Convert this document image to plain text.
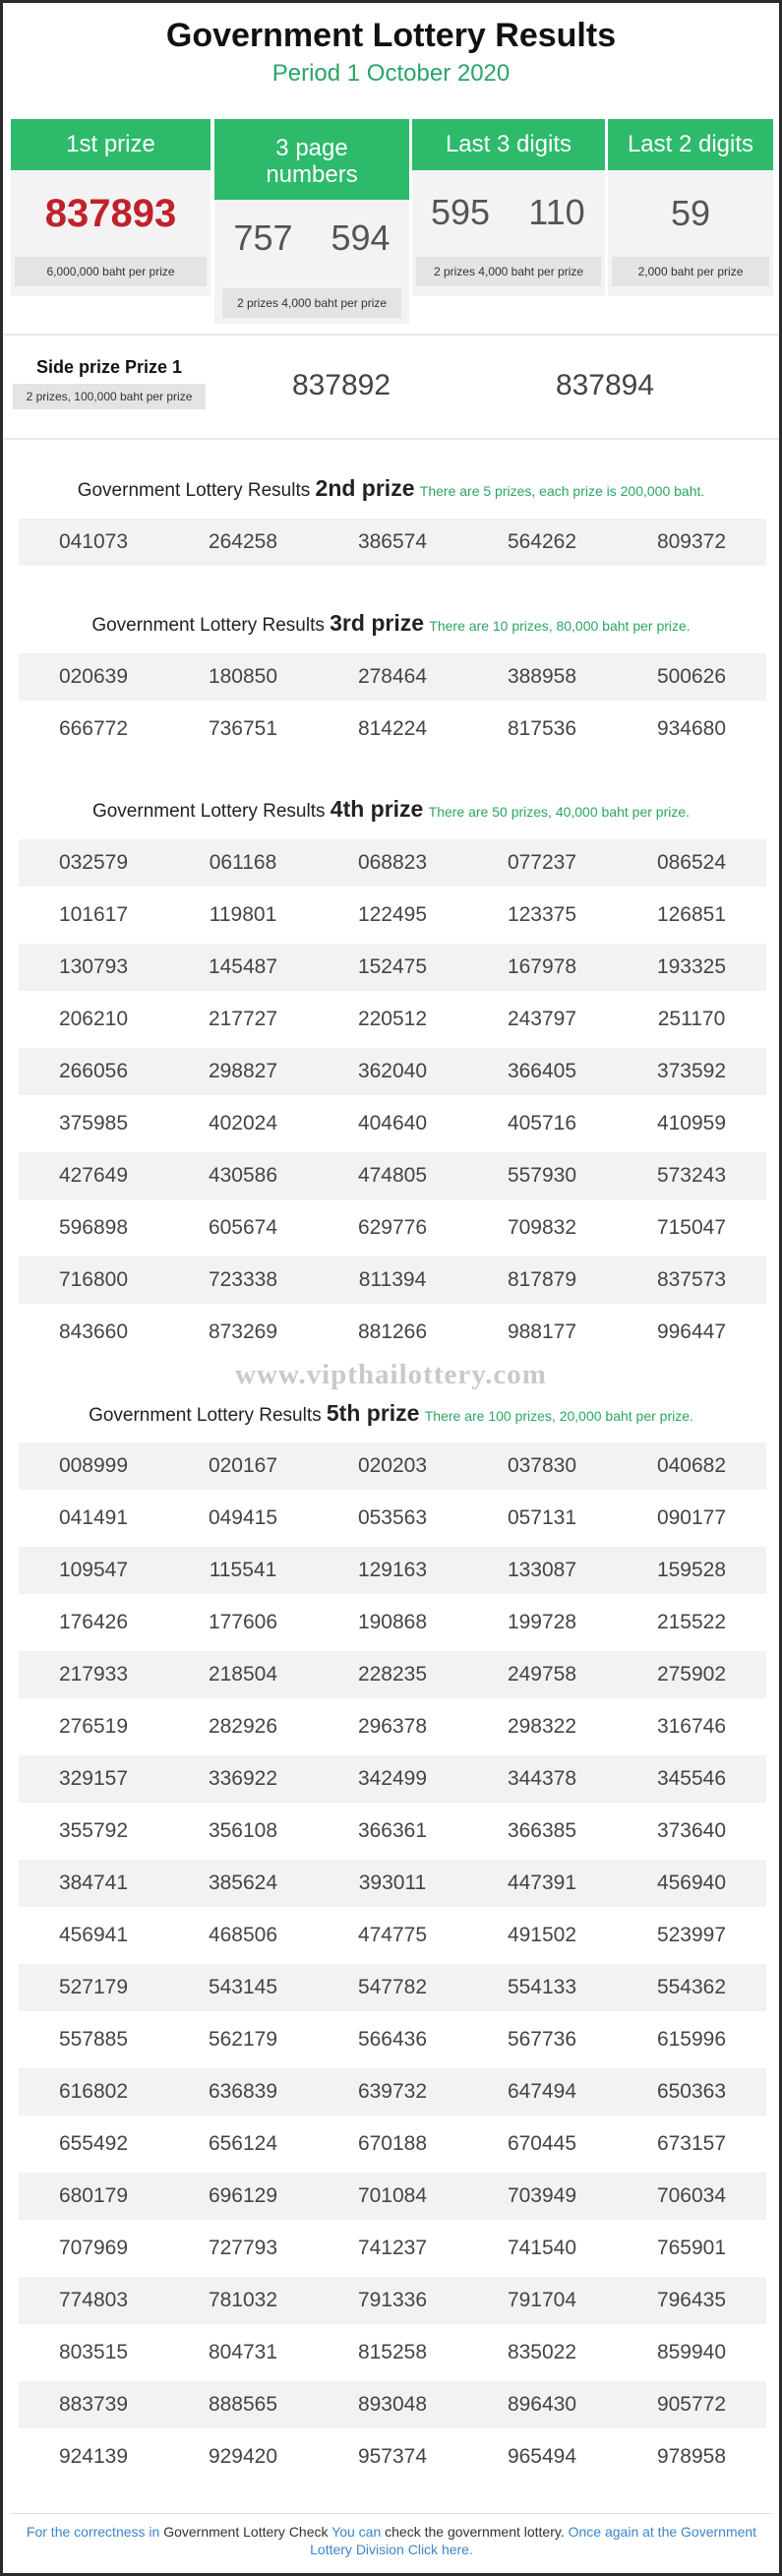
Government Lottery Results
Period 1 October 2020
1st prize
837893
6,000,000 baht per prize
3 page
numbers
757	594
2 prizes 4,000 baht per prize
Last 3 digits
595	110
2 prizes 4,000 baht per prize
Last 2 digits
59
2,000 baht per prize
Side prize Prize 1
2 prizes, 100,000 baht per prize	837892	837894
Government Lottery Results 2nd prize There are 5 prizes, each prize is 200,000 baht.
041073	264258	386574	564262	809372
Government Lottery Results 3rd prize There are 10 prizes, 80,000 baht per prize.
020639	180850	278464	388958	500626
666772	736751	814224	817536	934680
Government Lottery Results 4th prize There are 50 prizes, 40,000 baht per prize.
032579	061168	068823	077237	086524
101617	119801	122495	123375	126851
130793	145487	152475	167978	193325
206210	217727	220512	243797	251170
266056	298827	362040	366405	373592
375985	402024	404640	405716	410959
427649	430586	474805	557930	573243
596898	605674	629776	709832	715047
716800	723338	811394	817879	837573
843660	873269	881266	988177	996447
www.vipthailottery.com
Government Lottery Results 5th prize There are 100 prizes, 20,000 baht per prize.
008999	020167	020203	037830	040682
041491	049415	053563	057131	090177
109547	115541	129163	133087	159528
176426	177606	190868	199728	215522
217933	218504	228235	249758	275902
276519	282926	296378	298322	316746
329157	336922	342499	344378	345546
355792	356108	366361	366385	373640
384741	385624	393011	447391	456940
456941	468506	474775	491502	523997
527179	543145	547782	554133	554362
557885	562179	566436	567736	615996
616802	636839	639732	647494	650363
655492	656124	670188	670445	673157
680179	696129	701084	703949	706034
707969	727793	741237	741540	765901
774803	781032	791336	791704	796435
803515	804731	815258	835022	859940
883739	888565	893048	896430	905772
924139	929420	957374	965494	978958
For the correctness in Government Lottery Check You can check the government lottery. Once again at the Government Lottery Division Click here.
